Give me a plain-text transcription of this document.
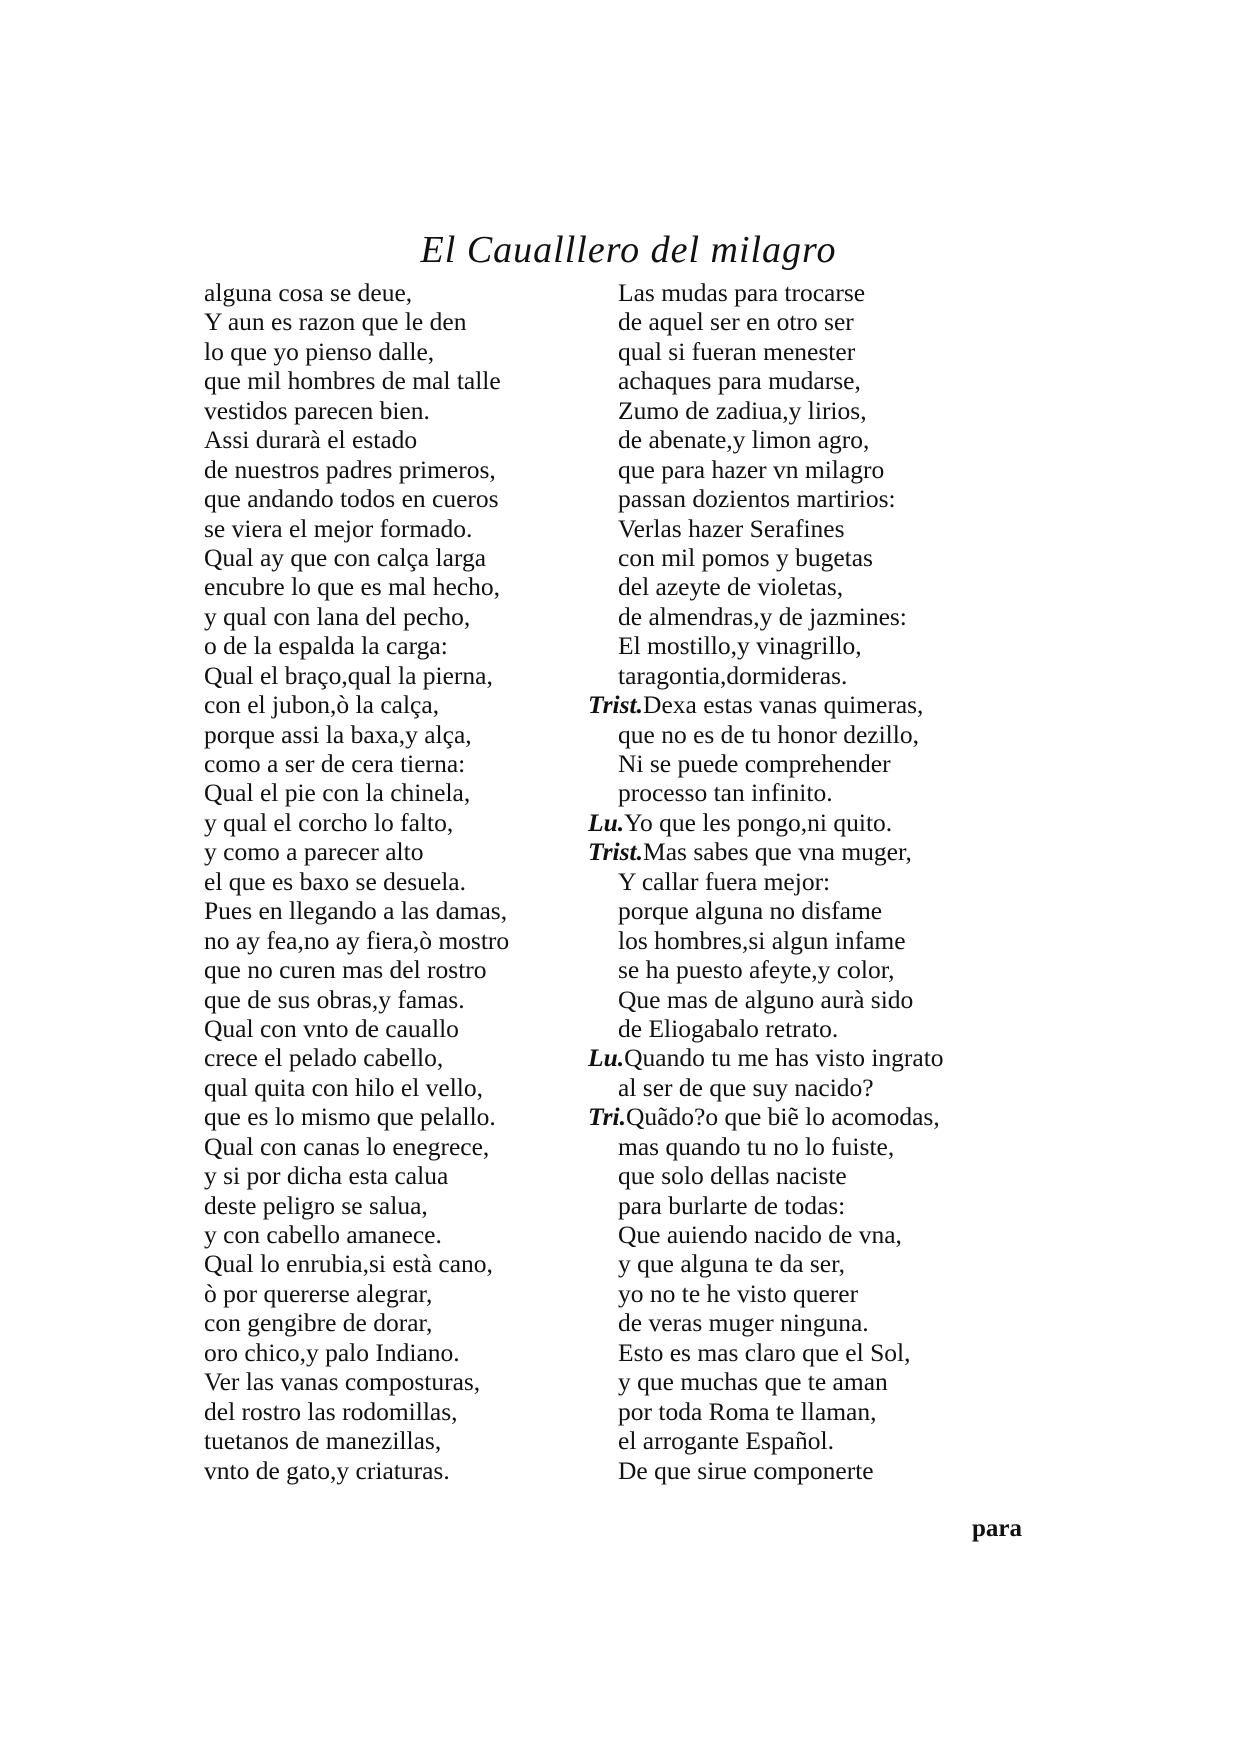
El Caualllero del milagro
alguna cosa se deue,
Y aun es razon que le den
lo que yo pienso dalle,
que mil hombres de mal talle
vestidos parecen bien.
Assi durarà el estado
de nuestros padres primeros,
que andando todos en cueros
se viera el mejor formado.
Qual ay que con calça larga
encubre lo que es mal hecho,
y qual con lana del pecho,
o de la espalda la carga:
Qual el braço,qual la pierna,
con el jubon,ò la calça,
porque assi la baxa,y alça,
como a ser de cera tierna:
Qual el pie con la chinela,
y qual el corcho lo falto,
y como a parecer alto
el que es baxo se desuela.
Pues en llegando a las damas,
no ay fea,no ay fiera,ò mostro
que no curen mas del rostro
que de sus obras,y famas.
Qual con vnto de cauallo
crece el pelado cabello,
qual quita con hilo el vello,
que es lo mismo que pelallo.
Qual con canas lo enegrece,
y si por dicha esta calua
deste peligro se salua,
y con cabello amanece.
Qual lo enrubia,si està cano,
ò por quererse alegrar,
con gengibre de dorar,
oro chico,y palo Indiano.
Ver las vanas composturas,
del rostro las rodomillas,
tuetanos de manezillas,
vnto de gato,y criaturas.
Las mudas para trocarse
de aquel ser en otro ser
qual si fueran menester
achaques para mudarse,
Zumo de zadiua,y lirios,
de abenate,y limon agro,
que para hazer vn milagro
passan dozientos martirios:
Verlas hazer Serafines
con mil pomos y bugetas
del azeyte de violetas,
de almendras,y de jazmines:
El mostillo,y vinagrillo,
taragontia,dormideras.
Trist.Dexa estas vanas quimeras,
que no es de tu honor dezillo,
Ni se puede comprehender
processo tan infinito.
Lu.Yo que les pongo,ni quito.
Trist.Mas sabes que vna muger,
Y callar fuera mejor:
porque alguna no disfame
los hombres,si algun infame
se ha puesto afeyte,y color,
Que mas de alguno aurà sido
de Eliogabalo retrato.
Lu.Quando tu me has visto ingrato
al ser de que suy nacido?
Tri.Quãdo?o que biẽ lo acomodas,
mas quando tu no lo fuiste,
que solo dellas naciste
para burlarte de todas:
Que auiendo nacido de vna,
y que alguna te da ser,
yo no te he visto querer
de veras muger ninguna.
Esto es mas claro que el Sol,
y que muchas que te aman
por toda Roma te llaman,
el arrogante Español.
De que sirue componerte
para
